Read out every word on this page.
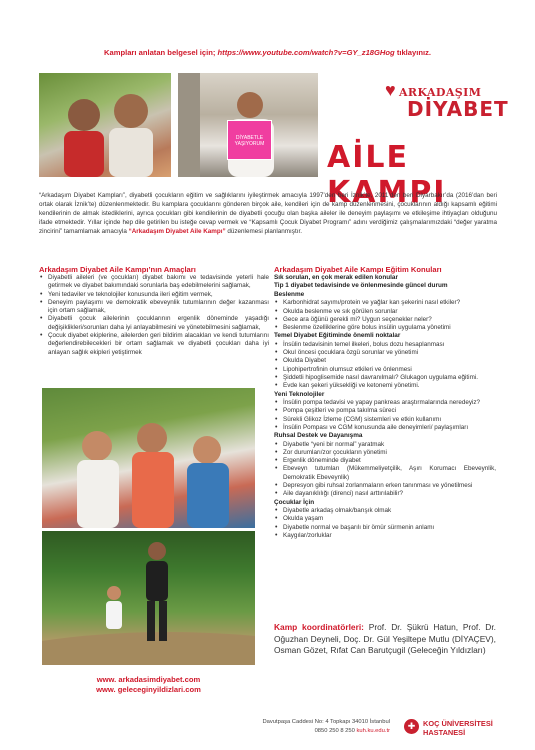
Kampları anlatan belgesel için; https://www.youtube.com/watch?v=GY_z18GHog tıklayınız.
DİYABETLE YAŞIYORUM
♥ ARKADAŞIM
DİYABET
AİLE KAMPI
“Arkadaşım Diyabet Kampları”, diyabetli çocukların eğitim ve sağlıklarını iyileştirmek amacıyla 1997’den beri İznik’te, 2011’den beri Diyarbakır’da (2016’dan beri ortak olarak İznik’te) düzenlenmektedir. Bu kamplara çocuklarını gönderen birçok aile, kendileri için de kamp düzenlenmesini, çocuklarının aldığı kapsamlı eğitimi kendilerinin de almak istediklerini, ayrıca çocukları gibi kendilerinin de diyabetli çocuğu olan başka aileler ile deneyim paylaşımı ve etkileşime ihtiyaçları olduğunu ifade etmektedir. Yıllar içinde hep dile getirilen bu isteğe cevap vermek ve “Kapsamlı Çocuk Diyabet Programı” adını verdiğimiz çalışmalarımızdaki “değer yaratma zincirini” tamamlamak amacıyla “Arkadaşım Diyabet Aile Kampı” düzenlemesi planlanmıştır.
Arkadaşım Diyabet Aile Kampı’nın Amaçları
• Diyabetli aileleri (ve çocukları) diyabet bakımı ve tedavisinde yeterli hale getirmek ve diyabet bakımındaki sorunlarla baş edebilmelerini sağlamak,
• Yeni tedaviler ve teknolojiler konusunda ileri eğitim vermek,
• Deneyim paylaşımı ve demokratik ebeveynlik tutumlarının değer kazanması için ortam sağlamak,
• Diyabetli çocuk ailelerinin çocuklarının ergenlik döneminde yaşadığı değişiklikleri/sorunları daha iyi anlayabilmesini ve yönetebilmesini sağlamak,
• Çocuk diyabet ekiplerine, ailelerden geri bildirim alacakları ve kendi tutumlarını değerlendirebilecekleri bir ortam sağlamak ve diyabetli çocukları daha iyi anlayan sağlık ekipleri yetiştirmek
Arkadaşım Diyabet Aile Kampı Eğitim Konuları
Sık sorulan, en çok merak edilen konular
Tip 1 diyabet tedavisinde ve önlenmesinde güncel durum
Beslenme
• Karbonhidrat sayımı/protein ve yağlar kan şekerini nasıl etkiler?
• Okulda beslenme ve sık görülen sorunlar
• Gece ara öğünü gerekli mi? Uygun seçenekler neler?
• Beslenme özelliklerine göre bolus insülin uygulama yönetimi
Temel Diyabet Eğitiminde önemli noktalar
• İnsülin tedavisinin temel ilkeleri, bolus dozu hesaplanması
• Okul öncesi çocuklara özgü sorunlar ve yönetimi
• Okulda Diyabet
• Lipohipertrofinin olumsuz etkileri ve önlenmesi
• Şiddetli hipoglisemide nasıl davranılmalı? Glukagon uygulama eğitimi.
• Evde kan şekeri yüksekliği ve ketonemi yönetimi.
Yeni Teknolojiler
• İnsülin pompa tedavisi ve yapay pankreas araştırmalarında neredeyiz?
• Pompa çeşitleri ve pompa takılma süreci
• Sürekli Glikoz İzleme (CGM) sistemleri ve etkin kullanımı
• İnsülin Pompası ve CGM konusunda aile deneyimleri/ paylaşımları
Ruhsal Destek ve Dayanışma
• Diyabetle “yeni bir normal” yaratmak
• Zor durumları/zor çocukların yönetimi
• Ergenlik döneminde diyabet
• Ebeveyn tutumları (Mükemmeliyetçilik, Aşırı Korumacı Ebeveynlik, Demokratik Ebeveynlik)
• Depresyon gibi ruhsal zorlanmaların erken tanınması ve yönetilmesi
• Aile dayanıklılığı (direnci) nasıl arttırılabilir?
Çocuklar İçin
• Diyabetle arkadaş olmak/barışık olmak
• Okulda yaşam
• Diyabetle normal ve başarılı bir ömür sürmenin anlamı
• Kaygılar/zorluklar
Kamp koordinatörleri: Prof. Dr. Şükrü Hatun, Prof. Dr. Oğuzhan Deyneli, Doç. Dr. Gül Yeşiltepe Mutlu (DİYAÇEV), Osman Gözet, Rıfat Can Barutçugil (Geleceğin Yıldızları)
www. arkadasimdiyabet.com
www. geleceginyildizlari.com
Davutpaşa Caddesi No: 4 Topkapı 34010 İstanbul
0850 250 8 250 kuh.ku.edu.tr	✚	KOÇ ÜNİVERSİTESİ
HASTANESİ
